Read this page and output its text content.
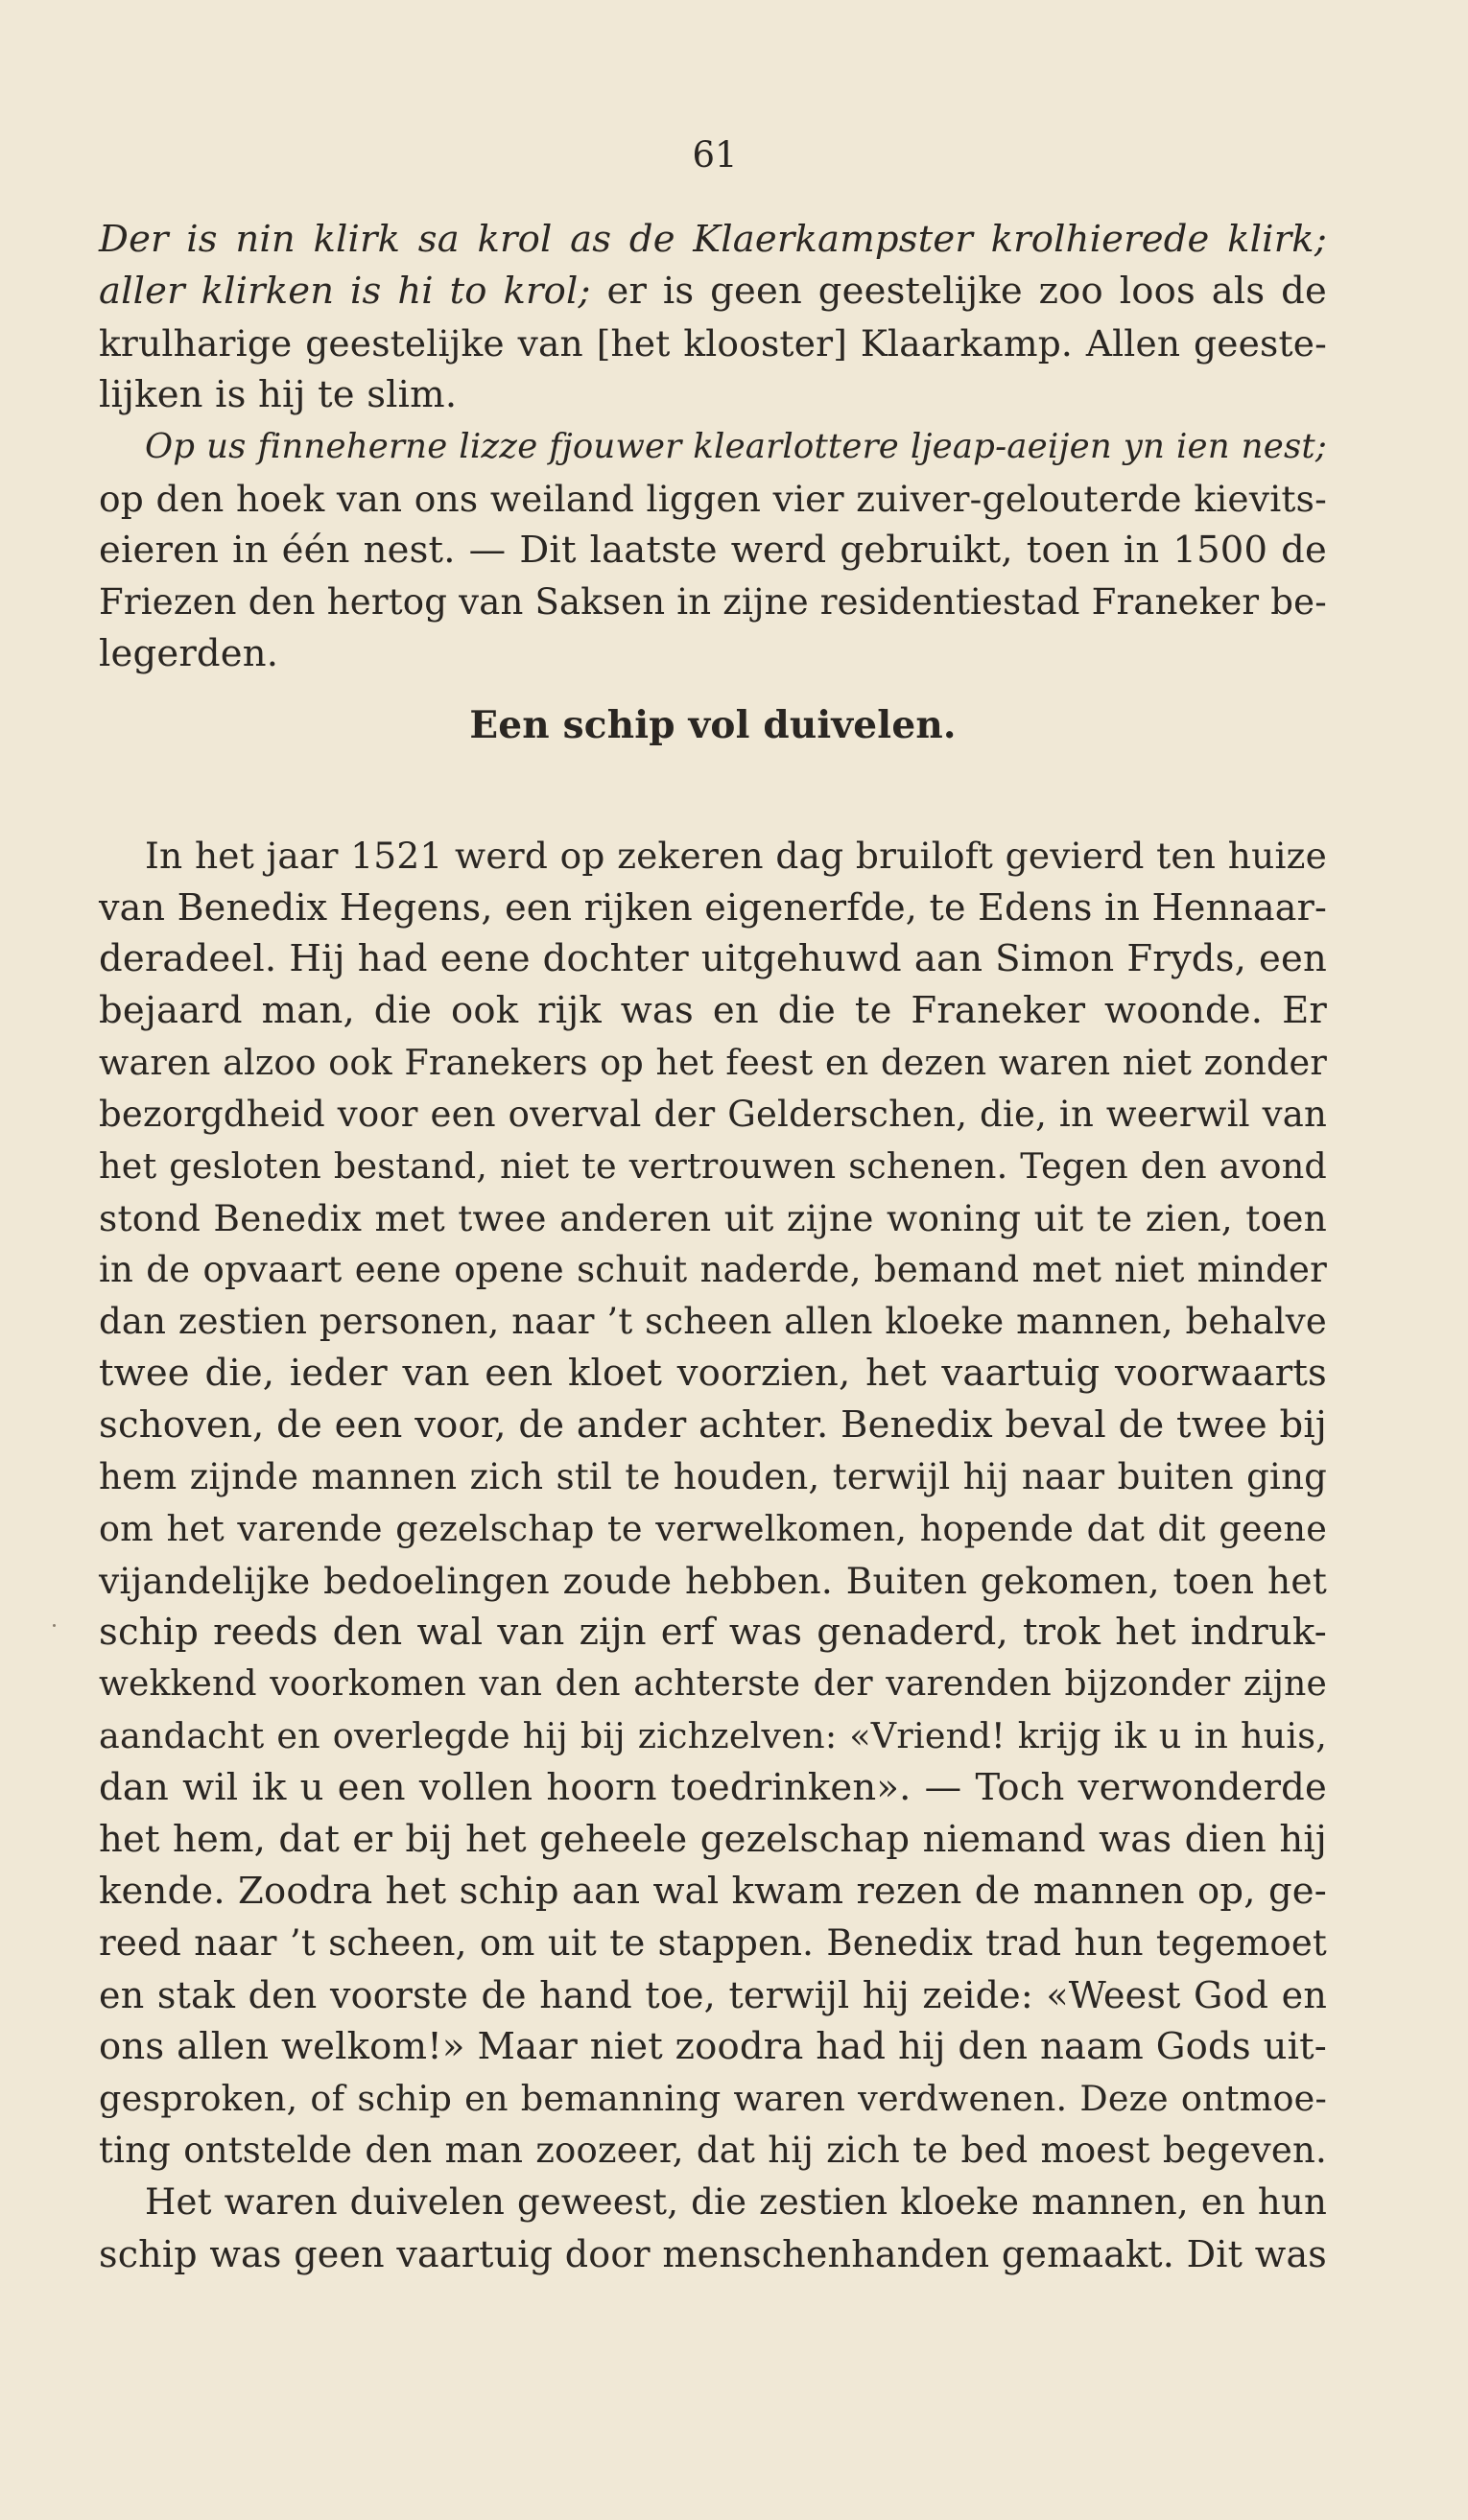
61
Der is nin klirk sa krol as de Klaerkampster krolhierede klirk;
aller klirken is hi to krol; er is geen geestelijke zoo loos als de
krulharige geestelijke van [het klooster] Klaarkamp. Allen geeste-
lijken is hij te slim.
Op us finneherne lizze fjouwer klearlottere ljeap-aeijen yn ien nest;
op den hoek van ons weiland liggen vier zuiver-gelouterde kievits-
eieren in één nest. — Dit laatste werd gebruikt, toen in 1500 de
Friezen den hertog van Saksen in zijne residentiestad Franeker be-
legerden.
Een schip vol duivelen.
In het jaar 1521 werd op zekeren dag bruiloft gevierd ten huize
van Benedix Hegens, een rijken eigenerfde, te Edens in Hennaar-
deradeel. Hij had eene dochter uitgehuwd aan Simon Fryds, een
bejaard man, die ook rijk was en die te Franeker woonde. Er
waren alzoo ook Franekers op het feest en dezen waren niet zonder
bezorgdheid voor een overval der Gelderschen, die, in weerwil van
het gesloten bestand, niet te vertrouwen schenen. Tegen den avond
stond Benedix met twee anderen uit zijne woning uit te zien, toen
in de opvaart eene opene schuit naderde, bemand met niet minder
dan zestien personen, naar ’t scheen allen kloeke mannen, behalve
twee die, ieder van een kloet voorzien, het vaartuig voorwaarts
schoven, de een voor, de ander achter. Benedix beval de twee bij
hem zijnde mannen zich stil te houden, terwijl hij naar buiten ging
om het varende gezelschap te verwelkomen, hopende dat dit geene
vijandelijke bedoelingen zoude hebben. Buiten gekomen, toen het
schip reeds den wal van zijn erf was genaderd, trok het indruk-
wekkend voorkomen van den achterste der varenden bijzonder zijne
aandacht en overlegde hij bij zichzelven: «Vriend! krijg ik u in huis,
dan wil ik u een vollen hoorn toedrinken». — Toch verwonderde
het hem, dat er bij het geheele gezelschap niemand was dien hij
kende. Zoodra het schip aan wal kwam rezen de mannen op, ge-
reed naar ’t scheen, om uit te stappen. Benedix trad hun tegemoet
en stak den voorste de hand toe, terwijl hij zeide: «Weest God en
ons allen welkom!» Maar niet zoodra had hij den naam Gods uit-
gesproken, of schip en bemanning waren verdwenen. Deze ontmoe-
ting ontstelde den man zoozeer, dat hij zich te bed moest begeven.
Het waren duivelen geweest, die zestien kloeke mannen, en hun
schip was geen vaartuig door menschenhanden gemaakt. Dit was
